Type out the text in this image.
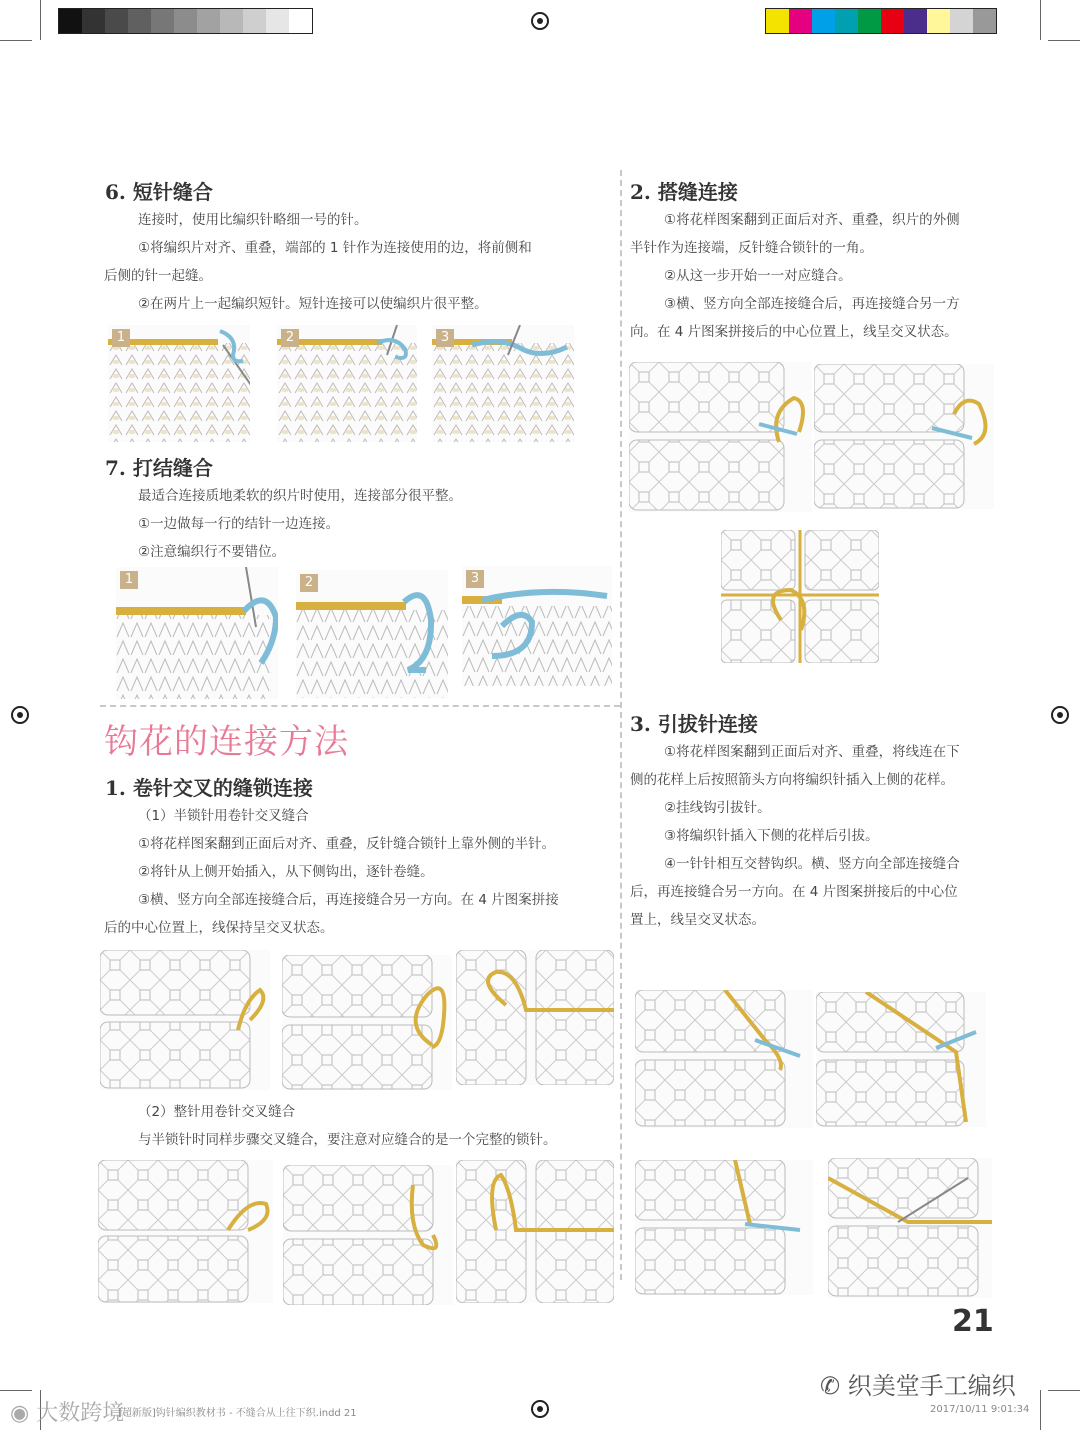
6. 短针缝合

连接时，使用比编织针略细一号的针。

①将编织片对齐、重叠，端部的 1 针作为连接使用的边，将前侧和

后侧的针一起缝。

②在两片上一起编织短针。短针连接可以使编织片很平整。

1	2	3
7. 打结缝合

最适合连接质地柔软的织片时使用，连接部分很平整。

①一边做每一行的结针一边连接。

②注意编织行不要错位。

1	2	3
钩花的连接方法
1. 卷针交叉的缝锁连接

（1）半锁针用卷针交叉缝合

①将花样图案翻到正面后对齐、重叠，反针缝合锁针上靠外侧的半针。

②将针从上侧开始插入，从下侧钩出，逐针卷缝。

③横、竖方向全部连接缝合后，再连接缝合另一方向。在 4 片图案拼接

后的中心位置上，线保持呈交叉状态。

（2）整针用卷针交叉缝合

与半锁针时同样步骤交叉缝合，要注意对应缝合的是一个完整的锁针。

2. 搭缝连接

①将花样图案翻到正面后对齐、重叠，织片的外侧

半针作为连接端，反针缝合锁针的一角。

②从这一步开始一一对应缝合。

③横、竖方向全部连接缝合后，再连接缝合另一方

向。在 4 片图案拼接后的中心位置上，线呈交叉状态。

3. 引拔针连接

①将花样图案翻到正面后对齐、重叠，将线连在下

侧的花样上后按照箭头方向将编织针插入上侧的花样。

②挂线钩引拔针。

③将编织针插入下侧的花样后引拔。

④一针针相互交替钩织。横、竖方向全部连接缝合

后，再连接缝合另一方向。在 4 片图案拼接后的中心位

置上，线呈交叉状态。

21
◉ 大数跨境
[超新版]钩针编织教材书 - 不缝合从上往下织.indd 21	2017/10/11 9:01:34
✆ 织美堂手工编织
